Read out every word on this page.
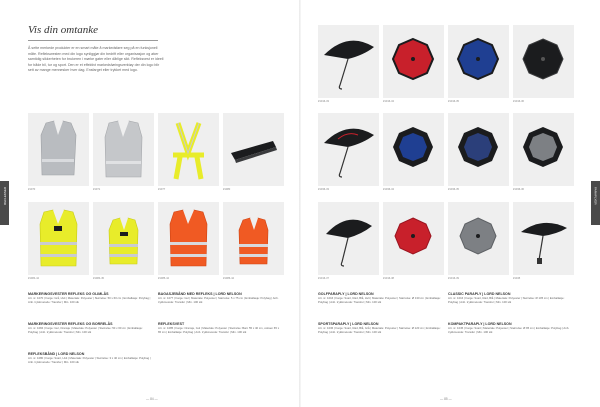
REFLEKSER	PARAPLYER
Vis din omtanke

Å sette merkede produkter er en smart måte å markedsføre seg på en funksjonell måte. Reflekswesten med din logo synliggjør din bedrift eller organisasjon og øker samtidig sikkerheten for brukeren i mørke gater eller dårlige sikt. Refleksvest er ideell for både bil, tur og sport. Den er et effektivt markedsføringsverktøy der din logo blir sett av mange mennesker hver dag. Ensfarget eller trykket med logo.

#1070	#1071	#1077	#1080
#1084-44	#1084-45	#1085-44	#1086-44

MARKERINGSVESTER REFLEKS OG GLIMLÅS

Art. nr. 1070 | Farge: Grå, Hvit | Materiale: Polyester | Størrelse: 50 x 60 cm | Emballasje: Polybag | Anb. trykkmetode: Transfer | Min. 100 stk

BAGASJEBÅND MED REFLEKS | LORD NELSON

Art. nr. 1077 | Farge: Gul | Materiale: Polyester | Størrelse: 5 x 75 cm | Emballasje: Polybag | Anb. trykkmetode: Transfer | Min. 100 stk

MARKERINGSVESTER REFLEKS OG BORRELÅS

Art. nr. 1084 | Farge: Gul, Oransje | Materiale: Polyester | Størrelse: 50 x 60 cm | Emballasje: Polybag | Anb. trykkmetode: Transfer | Min. 100 stk

REFLEKSVEST

Art. nr. 1085 | Farge: Oransje, Gul | Materiale: Polyester | Størrelse: Barn 55 x 40 cm, voksen 65 x 65 cm | Emballasje: Polybag | Anb. trykkmetode: Transfer | Min. 100 stk

REFLEKSBÅND | LORD NELSON

Art. nr. 1080 | Farge: Svart, Hvit | Materiale: Polyester | Størrelse: 3 x 40 cm | Emballasje: Polybag | Anb. trykkmetode: Transfer | Min. 100 stk

— 84 —
#1016-33	#1016-34	#1016-35	#1016-36
#1036-33	#1036-34	#1036-35	#1036-36
#1016-37	#1016-38	#1016-39	#1045

GOLFPARAPLY | LORD NELSON

Art. nr. 1016 | Farge: Svart, Rød, Blå, Hvit | Materiale: Polyester | Størrelse: Ø 130 cm | Emballasje: Polybag | Anb. trykkmetode: Transfer | Min. 100 stk

CLASSIC PARAPLY | LORD NELSON

Art. nr. 1016 | Farge: Svart, Rød, Blå | Materiale: Polyester | Størrelse: Ø 105 cm | Emballasje: Polybag | Anb. trykkmetode: Transfer | Min. 100 stk

SPORTSPARAPLY | LORD NELSON

Art. nr. 1036 | Farge: Svart, Rød, Blå, Grå | Materiale: Polyester | Størrelse: Ø 120 cm | Emballasje: Polybag | Anb. trykkmetode: Transfer | Min. 100 stk

KOMPAKTPARAPLY | LORD NELSON

Art. nr. 1045 | Farge: Svart | Materiale: Polyester | Størrelse: Ø 95 cm | Emballasje: Polybag | Anb. trykkmetode: Transfer | Min. 100 stk

— 85 —
